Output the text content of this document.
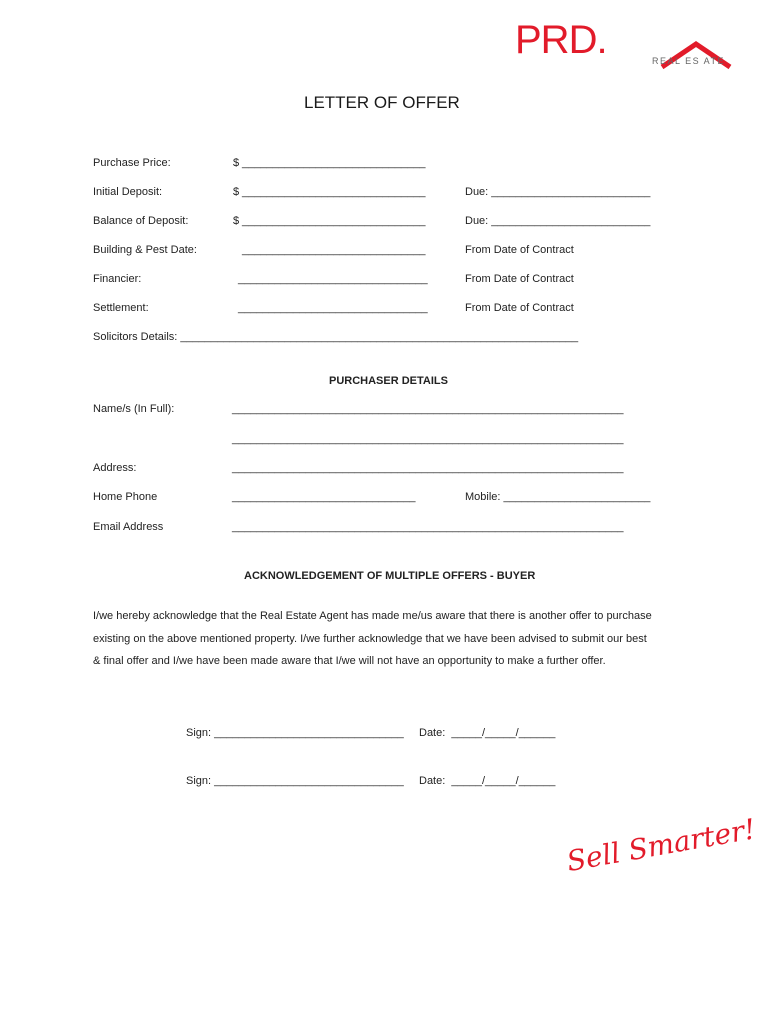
PRD.

	REAL ES ATE
LETTER OF OFFER
Purchase Price:	$ ______________________________
Initial Deposit:	$ ______________________________	Due: __________________________
Balance of Deposit:	$ ______________________________	Due: __________________________
Building & Pest Date:	______________________________	From Date of Contract
Financier:	_______________________________	From Date of Contract
Settlement:	_______________________________	From Date of Contract
Solicitors Details: _________________________________________________________________
PURCHASER DETAILS
Name/s (In Full):	________________________________________________________________
________________________________________________________________
Address:	________________________________________________________________
Home Phone	______________________________	Mobile: ________________________
Email Address	________________________________________________________________
ACKNOWLEDGEMENT OF MULTIPLE OFFERS - BUYER
I/we hereby acknowledge that the Real Estate Agent has made me/us aware that there is another offer to purchase existing on the above mentioned property. I/we further acknowledge that we have been advised to submit our best & final offer and I/we have been made aware that I/we will not have an opportunity to make a further offer.
Sign: _______________________________ Date:  _____/_____/______
Sign: _______________________________ Date:  _____/_____/______
Sell Smarter!
